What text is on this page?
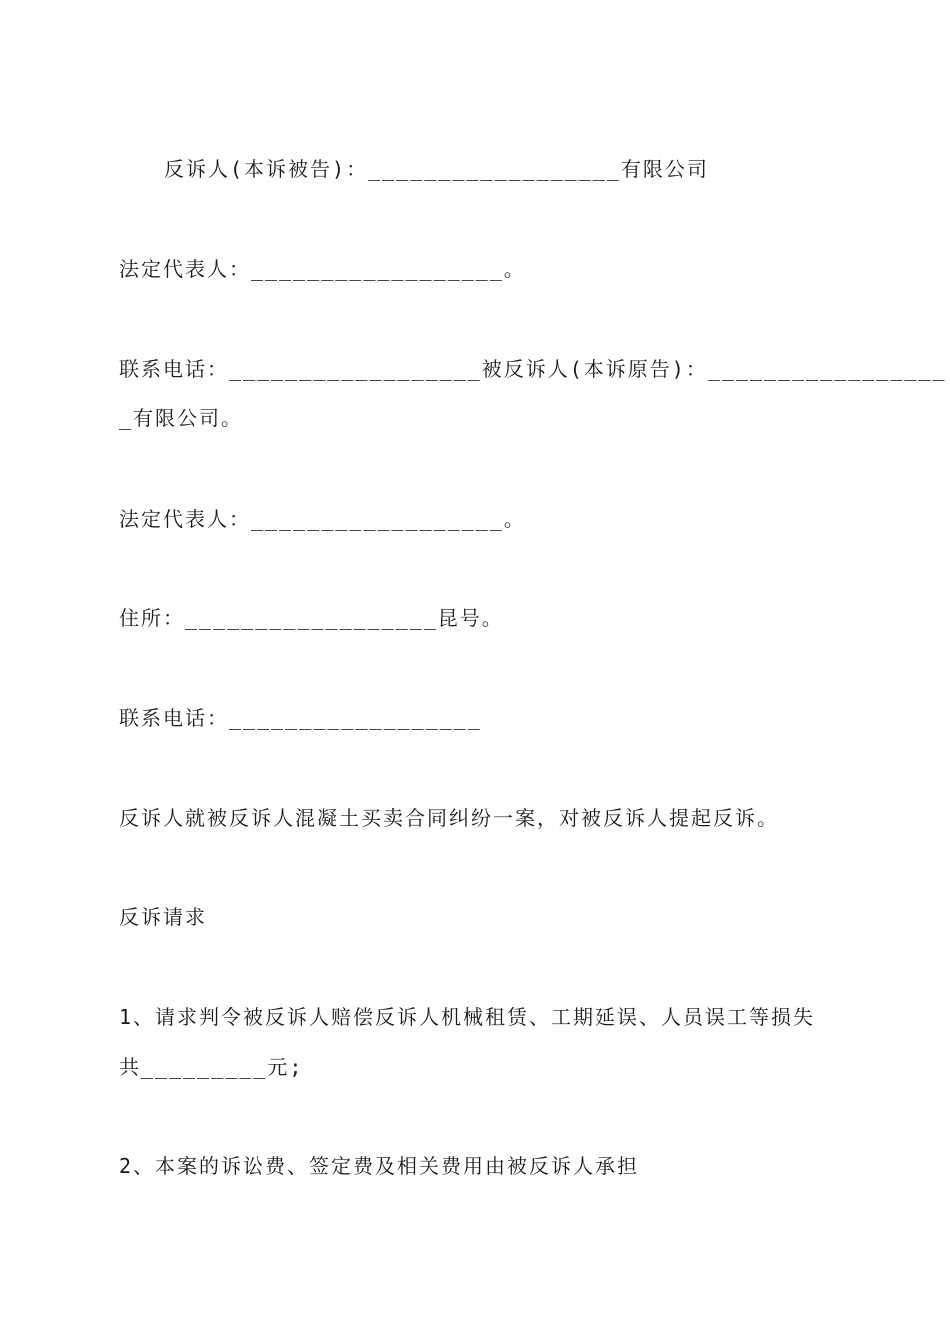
反诉人(本诉被告)：__________________有限公司
法定代表人：__________________。
联系电话：__________________被反诉人(本诉原告)：_________________
_有限公司。
法定代表人：__________________。
住所：__________________昆号。
联系电话：__________________
反诉人就被反诉人混凝土买卖合同纠纷一案，对被反诉人提起反诉。
反诉请求
1、请求判令被反诉人赔偿反诉人机械租赁、工期延误、人员误工等损失
共_________元;
2、本案的诉讼费、签定费及相关费用由被反诉人承担
